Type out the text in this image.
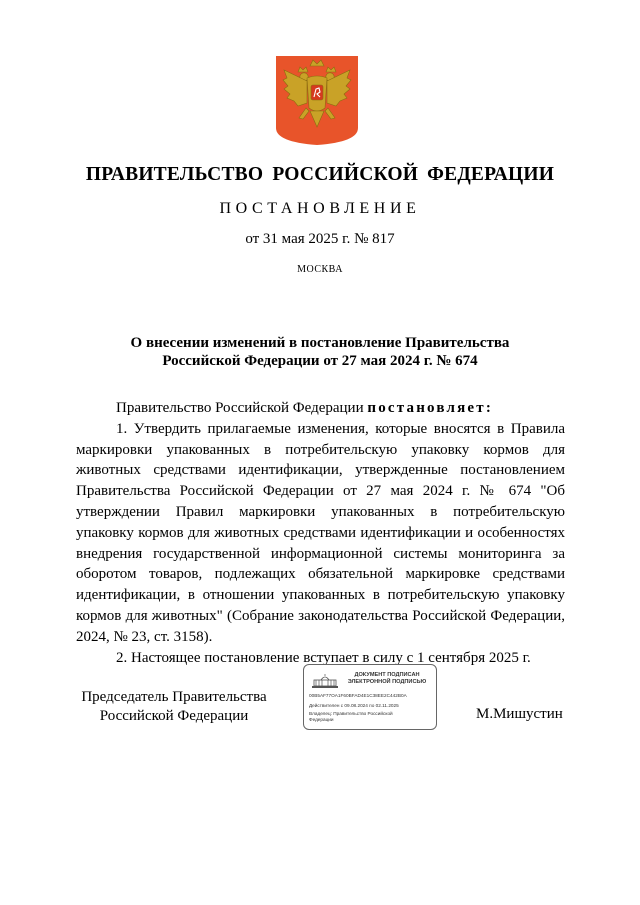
ПРАВИТЕЛЬСТВО РОССИЙСКОЙ ФЕДЕРАЦИИ
ПОСТАНОВЛЕНИЕ
от 31 мая 2025 г. № 817
МОСКВА
О внесении изменений в постановление Правительства
Российской Федерации от 27 мая 2024 г. № 674

Правительство Российской Федерации постановляет:

1. Утвердить прилагаемые изменения, которые вносятся в Правила маркировки упакованных в потребительскую упаковку кормов для животных средствами идентификации, утвержденные постановлением Правительства Российской Федерации от 27 мая 2024 г. № 674 "Об утверждении Правил маркировки упакованных в потребительскую упаковку кормов для животных средствами идентификации и особенностях внедрения государственной информационной системы мониторинга за оборотом товаров, подлежащих обязательной маркировке средствами идентификации, в отношении упакованных в потребительскую упаковку кормов для животных" (Собрание законодательства Российской Федерации, 2024, № 23, ст. 3158).

2. Настоящее постановление вступает в силу с 1 сентября 2025 г.

Председатель Правительства
Российской Федерации
ДОКУМЕНТ ПОДПИСАН
ЭЛЕКТРОННОЙ ПОДПИСЬЮ
00B5AF77OA1F60BFAD4E1C38EE2C442B0A
Действителен с 09.08.2024 по 02.11.2025
Владелец: Правительство Российской
Федерации	М.Мишустин
